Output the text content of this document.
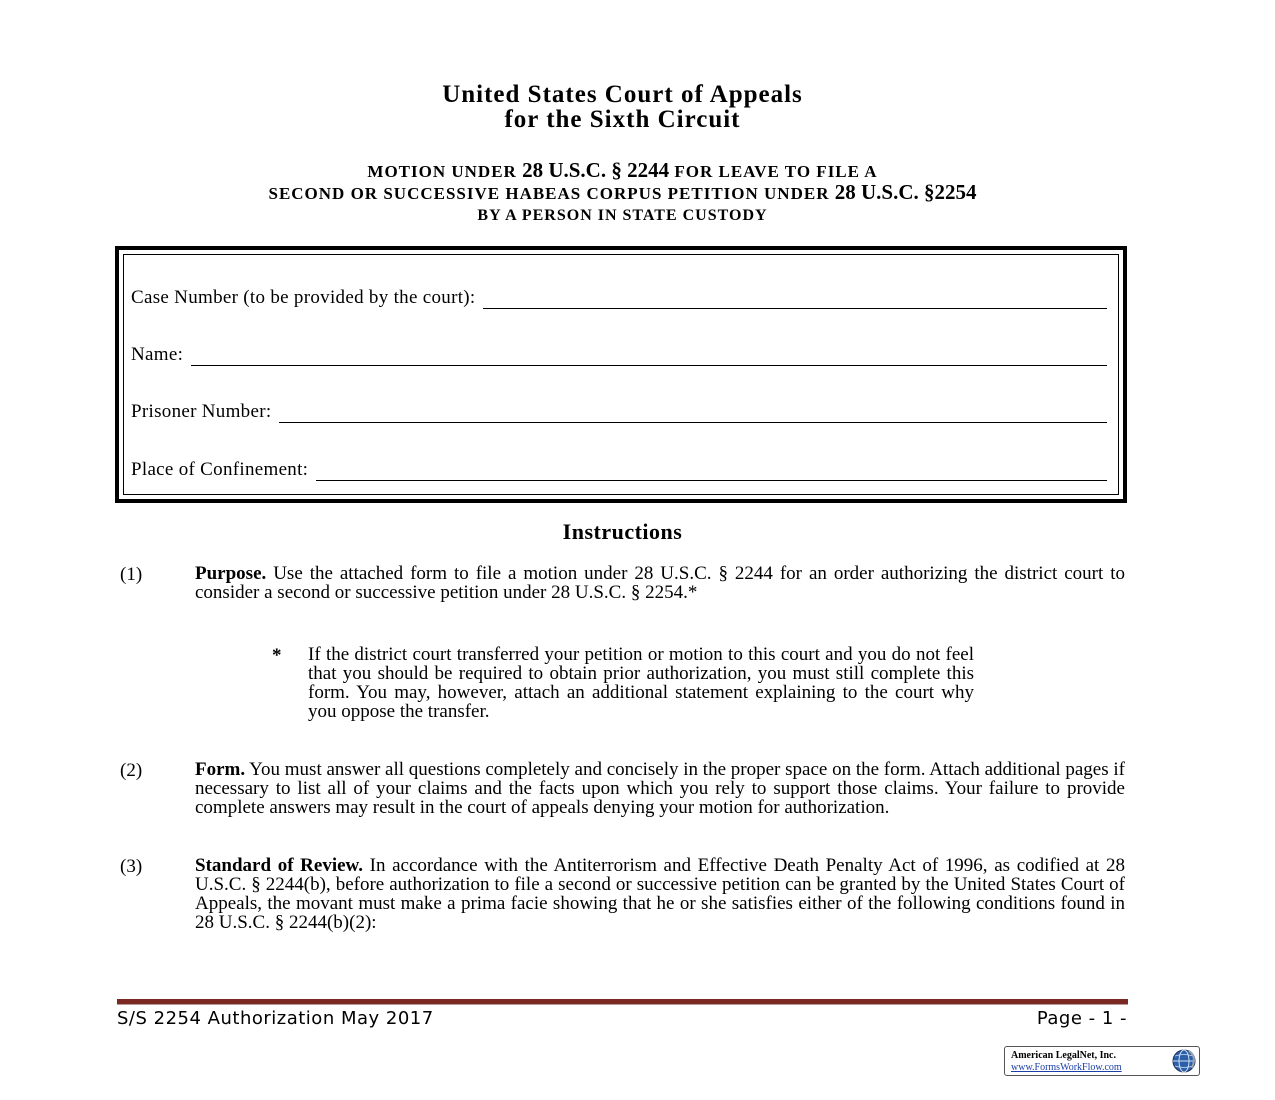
United States Court of Appeals
for the Sixth Circuit
MOTION UNDER 28 U.S.C. § 2244 FOR LEAVE TO FILE A
SECOND OR SUCCESSIVE HABEAS CORPUS PETITION UNDER 28 U.S.C. §2254
BY A PERSON IN STATE CUSTODY
Case Number (to be provided by the court):
Name:
Prisoner Number:
Place of Confinement:
Instructions
(1)	Purpose. Use the attached form to file a motion under 28 U.S.C. § 2244 for an order authorizing the district court to consider a second or successive petition under 28 U.S.C. § 2254.*
* If the district court transferred your petition or motion to this court and you do not feel that you should be required to obtain prior authorization, you must still complete this form. You may, however, attach an additional statement explaining to the court why you oppose the transfer.
(2)	Form. You must answer all questions completely and concisely in the proper space on the form. Attach additional pages if necessary to list all of your claims and the facts upon which you rely to support those claims. Your failure to provide complete answers may result in the court of appeals denying your motion for authorization.
(3)	Standard of Review. In accordance with the Antiterrorism and Effective Death Penalty Act of 1996, as codified at 28 U.S.C. § 2244(b), before authorization to file a second or successive petition can be granted by the United States Court of Appeals, the movant must make a prima facie showing that he or she satisfies either of the following conditions found in 28 U.S.C. § 2244(b)(2):
S/S 2254 Authorization May 2017	Page - 1 -
American LegalNet, Inc.
www.FormsWorkFlow.com
